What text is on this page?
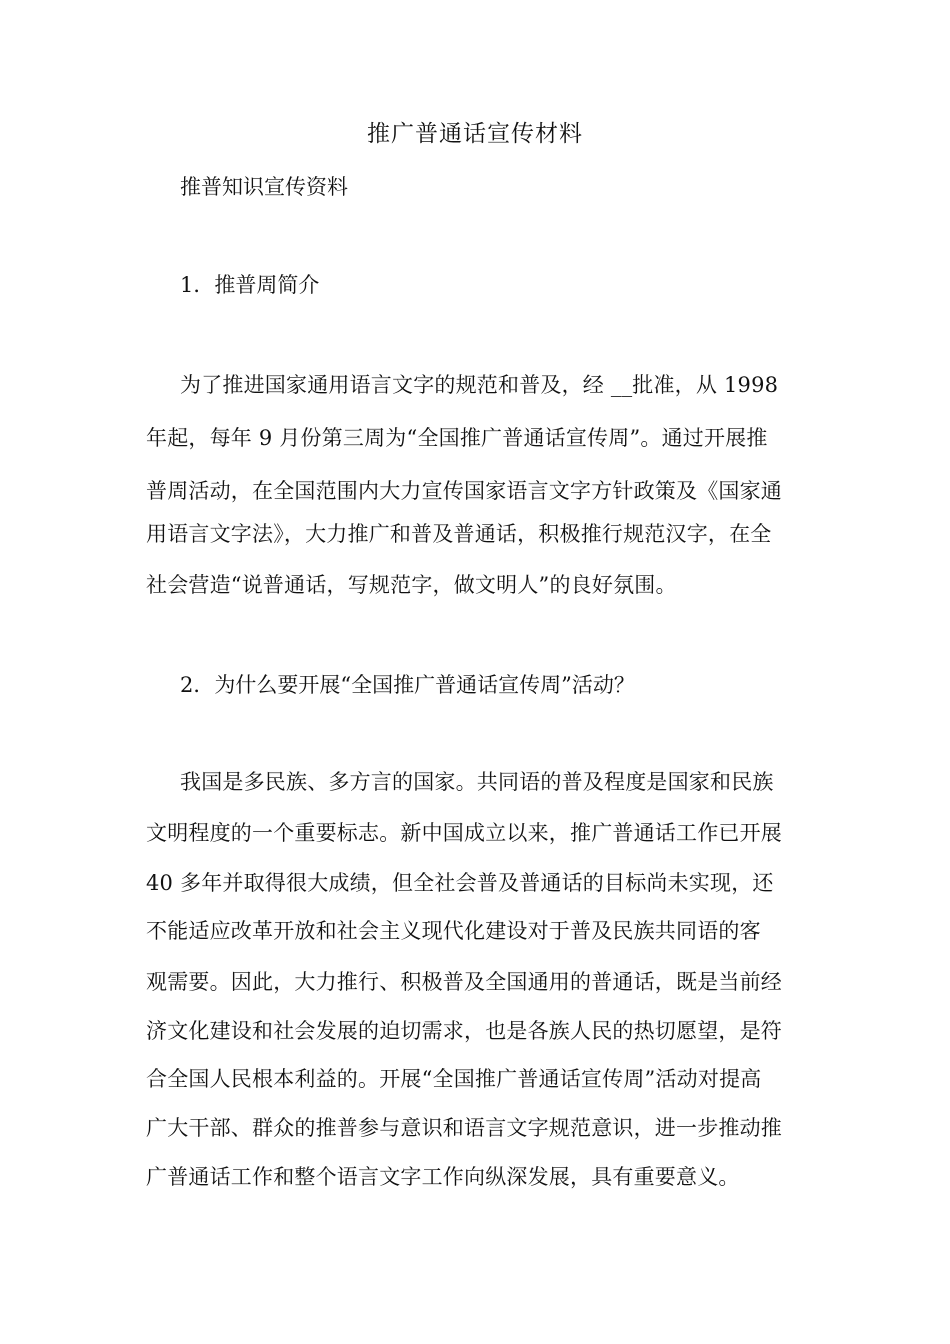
推广普通话宣传材料
推普知识宣传资料
1．推普周简介
为了推进国家通用语言文字的规范和普及，经 __批准，从 1998
年起，每年 9 月份第三周为“全国推广普通话宣传周”。通过开展推
普周活动，在全国范围内大力宣传国家语言文字方针政策及《国家通
用语言文字法》，大力推广和普及普通话，积极推行规范汉字，在全
社会营造“说普通话，写规范字，做文明人”的良好氛围。
2．为什么要开展“全国推广普通话宣传周”活动？
我国是多民族、多方言的国家。共同语的普及程度是国家和民族
文明程度的一个重要标志。新中国成立以来，推广普通话工作已开展
40 多年并取得很大成绩，但全社会普及普通话的目标尚未实现，还
不能适应改革开放和社会主义现代化建设对于普及民族共同语的客
观需要。因此，大力推行、积极普及全国通用的普通话，既是当前经
济文化建设和社会发展的迫切需求，也是各族人民的热切愿望，是符
合全国人民根本利益的。开展“全国推广普通话宣传周”活动对提高
广大干部、群众的推普参与意识和语言文字规范意识，进一步推动推
广普通话工作和整个语言文字工作向纵深发展，具有重要意义。
